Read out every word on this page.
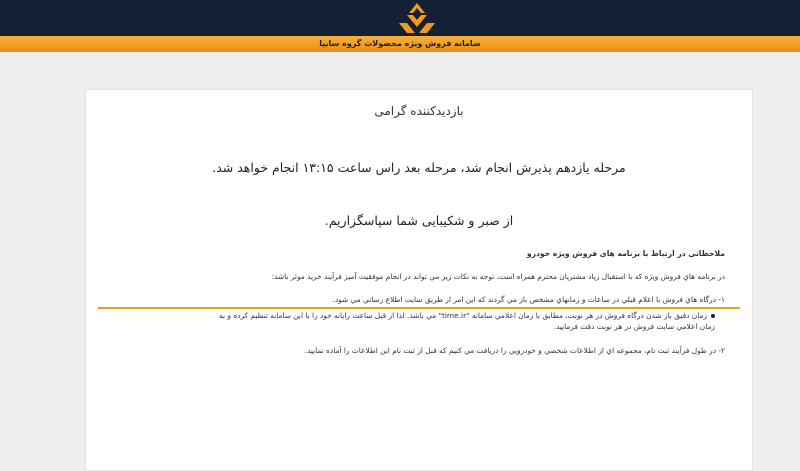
سامانه فروش ویژه محصولات گروه سایپا
بازدیدکننده گرامی
مرحله یازدهم پذیرش انجام شد، مرحله بعد راس ساعت ۱۳:۱۵ انجام خواهد شد.
از صبر و شکیبایی شما سپاسگزاریم.
ملاحظاتی در ارتباط با برنامه های فروش ویژه خودرو
در برنامه هاي فروش ويژه كه با استقبال زياد مشتريان محترم همراه است، توجه به نكات زير مي تواند در انجام موفقيت آميز فرآيند خريد موثر باشد:
۱- درگاه هاي فروش با اعلام قبلي در ساعات و زمانهاي مشخص باز مي گردند كه اين امر از طريق سايت اطلاع رساني مي شود.
زمان دقيق باز شدن درگاه فروش در هر نوبت، مطابق با زمان اعلامي سامانه "time.ir" مي باشد. لذا از قبل ساعت رايانه خود را با اين سامانه تنظيم كرده و به
زمان اعلامي سايت فروش در هر نوبت دقت فرماييد.
۲- در طول فرآيند ثبت نام، مجموعه اي از اطلاعات شخصي و خودرويي را دريافت مي كنيم كه قبل از ثبت نام اين اطلاعات را آماده نماييد.
